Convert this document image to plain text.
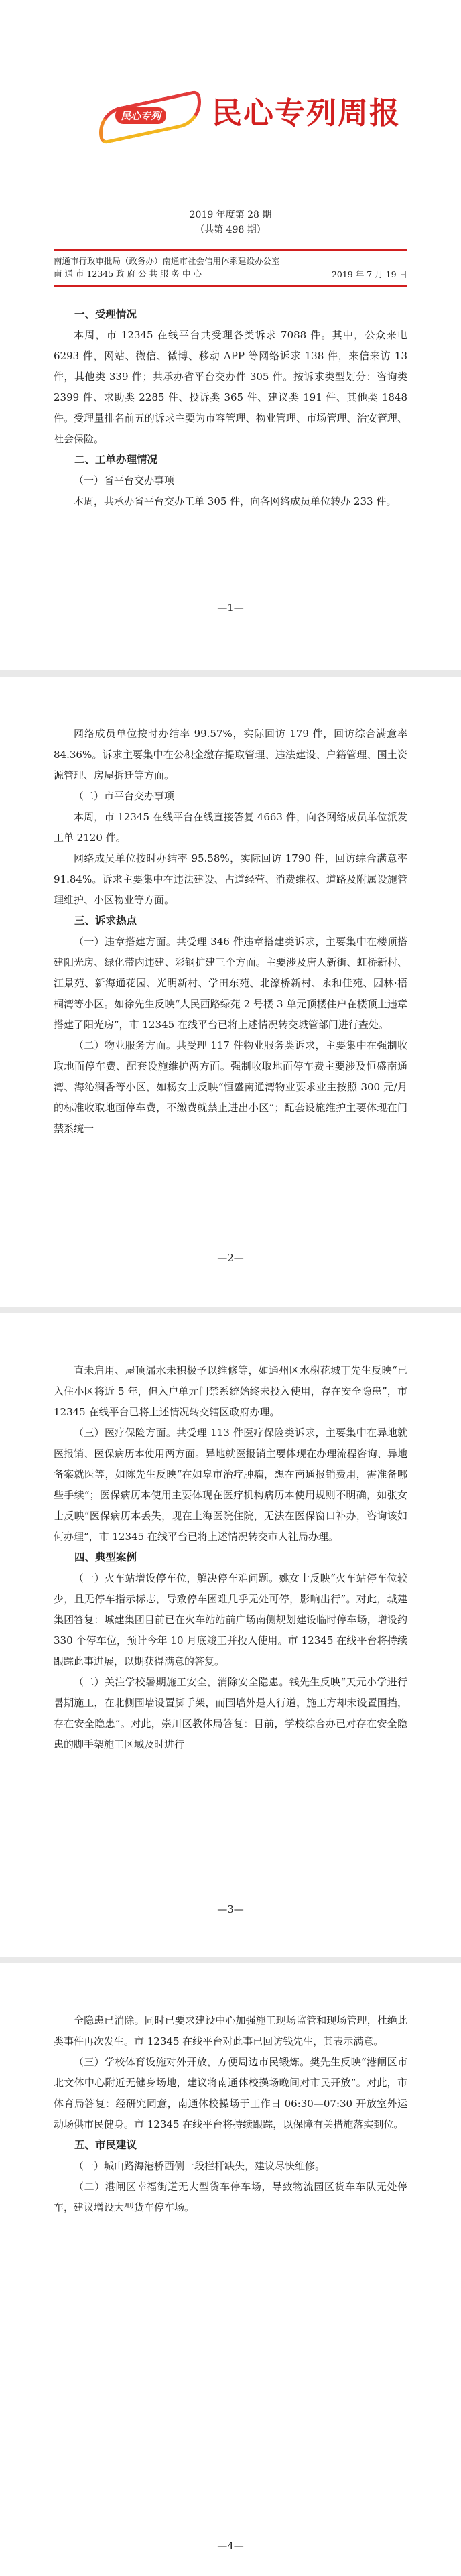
民心专列 民心专列周报
2019 年度第 28 期
（共第 498 期）
南通市行政审批局（政务办）南通市社会信用体系建设办公室
南 通 市 12345 政 府 公 共 服 务 中 心	2019 年 7 月 19 日
一、受理情况

本周，市 12345 在线平台共受理各类诉求 7088 件。其中，公众来电 6293 件，网站、微信、微博、移动 APP 等网络诉求 138 件，来信来访 13 件，其他类 339 件；共承办省平台交办件 305 件。按诉求类型划分：咨询类 2399 件、求助类 2285 件、投诉类 365 件、建议类 191 件、其他类 1848 件。受理量排名前五的诉求主要为市容管理、物业管理、市场管理、治安管理、社会保险。

二、工单办理情况
（一）省平台交办事项

本周，共承办省平台交办工单 305 件，向各网络成员单位转办 233 件。

—1—

网络成员单位按时办结率 99.57%，实际回访 179 件，回访综合满意率 84.36%。诉求主要集中在公积金缴存提取管理、违法建设、户籍管理、国土资源管理、房屋拆迁等方面。

（二）市平台交办事项

本周，市 12345 在线平台在线直接答复 4663 件，向各网络成员单位派发工单 2120 件。

网络成员单位按时办结率 95.58%，实际回访 1790 件，回访综合满意率 91.84%。诉求主要集中在违法建设、占道经营、消费维权、道路及附属设施管理维护、小区物业等方面。

三、诉求热点

（一）违章搭建方面。共受理 346 件违章搭建类诉求，主要集中在楼顶搭建阳光房、绿化带内违建、彩钢扩建三个方面。主要涉及唐人新街、虹桥新村、江景苑、新海通花园、光明新村、学田东苑、北濠桥新村、永和佳苑、园林·梧桐湾等小区。如徐先生反映“人民西路绿苑 2 号楼 3 单元顶楼住户在楼顶上违章搭建了阳光房”，市 12345 在线平台已将上述情况转交城管部门进行查处。

（二）物业服务方面。共受理 117 件物业服务类诉求，主要集中在强制收取地面停车费、配套设施维护两方面。强制收取地面停车费主要涉及恒盛南通湾、海沁澜香等小区，如杨女士反映“恒盛南通湾物业要求业主按照 300 元/月的标准收取地面停车费，不缴费就禁止进出小区”；配套设施维护主要体现在门禁系统一

—2—

直未启用、屋顶漏水未积极予以维修等，如通州区水榭花城丁先生反映“已入住小区将近 5 年，但入户单元门禁系统始终未投入使用，存在安全隐患”，市 12345 在线平台已将上述情况转交辖区政府办理。

（三）医疗保险方面。共受理 113 件医疗保险类诉求，主要集中在异地就医报销、医保病历本使用两方面。异地就医报销主要体现在办理流程咨询、异地备案就医等，如陈先生反映“在如皋市治疗肿瘤，想在南通报销费用，需准备哪些手续”；医保病历本使用主要体现在医疗机构病历本使用规则不明确，如张女士反映“医保病历本丢失，现在上海医院住院，无法在医保窗口补办，咨询该如何办理”，市 12345 在线平台已将上述情况转交市人社局办理。

四、典型案例

（一）火车站增设停车位，解决停车难问题。姚女士反映“火车站停车位较少，且无停车指示标志，导致停车困难几乎无处可停，影响出行”。对此，城建集团答复：城建集团目前已在火车站站前广场南侧规划建设临时停车场，增设约 330 个停车位，预计今年 10 月底竣工并投入使用。市 12345 在线平台将持续跟踪此事进展，以期获得满意的答复。

（二）关注学校暑期施工安全，消除安全隐患。钱先生反映“天元小学进行暑期施工，在北侧围墙设置脚手架，而围墙外是人行道，施工方却未设置围挡，存在安全隐患”。对此，崇川区教体局答复：目前，学校综合办已对存在安全隐患的脚手架施工区域及时进行

—3—

全隐患已消除。同时已要求建设中心加强施工现场监管和现场管理，杜绝此类事件再次发生。市 12345 在线平台对此事已回访钱先生，其表示满意。

（三）学校体育设施对外开放，方便周边市民锻炼。樊先生反映“港闸区市北文体中心附近无健身场地，建议将南通体校操场晚间对市民开放”。对此，市体育局答复：经研究同意，南通体校操场于工作日 06:30—07:30 开放室外运动场供市民健身。市 12345 在线平台将持续跟踪，以保障有关措施落实到位。

五、市民建议

（一）城山路海港桥西侧一段栏杆缺失，建议尽快维修。

（二）港闸区幸福街道无大型货车停车场，导致物流园区货车车队无处停车，建议增设大型货车停车场。

—4—
